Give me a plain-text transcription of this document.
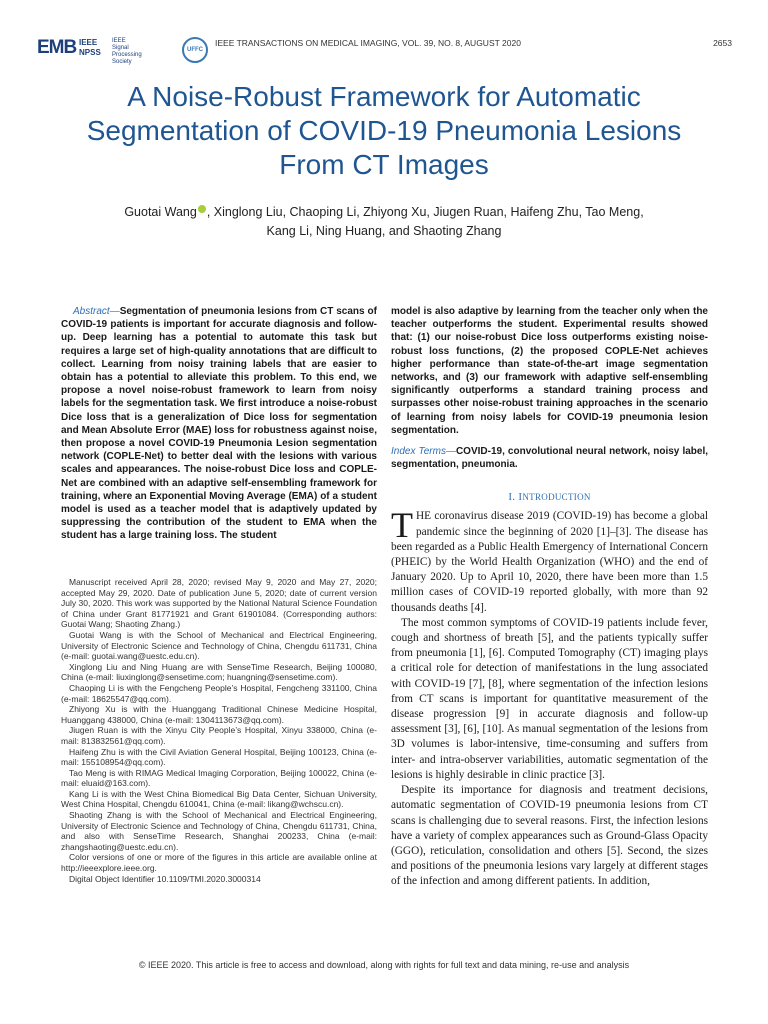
EMB IEEE
NPSS
IEEE
Signal
Processing
Society
UFFC
IEEE TRANSACTIONS ON MEDICAL IMAGING, VOL. 39, NO. 8, AUGUST 2020	2653
A Noise-Robust Framework for Automatic Segmentation of COVID-19 Pneumonia Lesions From CT Images
Guotai Wang , Xinglong Liu, Chaoping Li, Zhiyong Xu, Jiugen Ruan, Haifeng Zhu, Tao Meng,
Kang Li, Ning Huang, and Shaoting Zhang

Abstract—Segmentation of pneumonia lesions from CT scans of COVID-19 patients is important for accurate diagnosis and follow-up. Deep learning has a potential to automate this task but requires a large set of high-quality annotations that are difficult to collect. Learning from noisy training labels that are easier to obtain has a potential to alleviate this problem. To this end, we propose a novel noise-robust framework to learn from noisy labels for the segmentation task. We first introduce a noise-robust Dice loss that is a generalization of Dice loss for segmentation and Mean Absolute Error (MAE) loss for robustness against noise, then propose a novel COVID-19 Pneumonia Lesion segmentation network (COPLE-Net) to better deal with the lesions with various scales and appearances. The noise-robust Dice loss and COPLE-Net are combined with an adaptive self-ensembling framework for training, where an Exponential Moving Average (EMA) of a student model is used as a teacher model that is adaptively updated by suppressing the contribution of the student to EMA when the student has a large training loss. The student

Manuscript received April 28, 2020; revised May 9, 2020 and May 27, 2020; accepted May 29, 2020. Date of publication June 5, 2020; date of current version July 30, 2020. This work was supported by the National Natural Science Foundation of China under Grant 81771921 and Grant 61901084. (Corresponding authors: Guotai Wang; Shaoting Zhang.)

Guotai Wang is with the School of Mechanical and Electrical Engineering, University of Electronic Science and Technology of China, Chengdu 611731, China (e-mail: guotai.wang@uestc.edu.cn).

Xinglong Liu and Ning Huang are with SenseTime Research, Beijing 100080, China (e-mail: liuxinglong@sensetime.com; huangning@sensetime.com).

Chaoping Li is with the Fengcheng People’s Hospital, Fengcheng 331100, China (e-mail: 18625547@qq.com).

Zhiyong Xu is with the Huanggang Traditional Chinese Medicine Hospital, Huanggang 438000, China (e-mail: 1304113673@qq.com).

Jiugen Ruan is with the Xinyu City People’s Hospital, Xinyu 338000, China (e-mail: 813832561@qq.com).

Haifeng Zhu is with the Civil Aviation General Hospital, Beijing 100123, China (e-mail: 155108954@qq.com).

Tao Meng is with RIMAG Medical Imaging Corporation, Beijing 100022, China (e-mail: eluaid@163.com).

Kang Li is with the West China Biomedical Big Data Center, Sichuan University, West China Hospital, Chengdu 610041, China (e-mail: likang@wchscu.cn).

Shaoting Zhang is with the School of Mechanical and Electrical Engineering, University of Electronic Science and Technology of China, Chengdu 611731, China, and also with SenseTime Research, Shanghai 200233, China (e-mail: zhangshaoting@uestc.edu.cn).

Color versions of one or more of the figures in this article are available online at http://ieeexplore.ieee.org.

Digital Object Identifier 10.1109/TMI.2020.3000314

model is also adaptive by learning from the teacher only when the teacher outperforms the student. Experimental results showed that: (1) our noise-robust Dice loss outperforms existing noise-robust loss functions, (2) the proposed COPLE-Net achieves higher performance than state-of-the-art image segmentation networks, and (3) our framework with adaptive self-ensembling significantly outperforms a standard training process and surpasses other noise-robust training approaches in the scenario of learning from noisy labels for COVID-19 pneumonia lesion segmentation.

Index Terms—COVID-19, convolutional neural network, noisy label, segmentation, pneumonia.

I. INTRODUCTION

THE coronavirus disease 2019 (COVID-19) has become a global pandemic since the beginning of 2020 [1]–[3]. The disease has been regarded as a Public Health Emergency of International Concern (PHEIC) by the World Health Organization (WHO) and the end of January 2020. Up to April 10, 2020, there have been more than 1.5 million cases of COVID-19 reported globally, with more than 92 thousands deaths [4].

The most common symptoms of COVID-19 patients include fever, cough and shortness of breath [5], and the patients typically suffer from pneumonia [1], [6]. Computed Tomography (CT) imaging plays a critical role for detection of manifestations in the lung associated with COVID-19 [7], [8], where segmentation of the infection lesions from CT scans is important for quantitative measurement of the disease progression [9] in accurate diagnosis and follow-up assessment [3], [6], [10]. As manual segmentation of the lesions from 3D volumes is labor-intensive, time-consuming and suffers from inter- and intra-observer variabilities, automatic segmentation of the lesions is highly desirable in clinic practice [3].

Despite its importance for diagnosis and treatment decisions, automatic segmentation of COVID-19 pneumonia lesions from CT scans is challenging due to several reasons. First, the infection lesions have a variety of complex appearances such as Ground-Glass Opacity (GGO), reticulation, consolidation and others [5]. Second, the sizes and positions of the pneumonia lesions vary largely at different stages of the infection and among different patients. In addition,

© IEEE 2020. This article is free to access and download, along with rights for full text and data mining, re-use and analysis
